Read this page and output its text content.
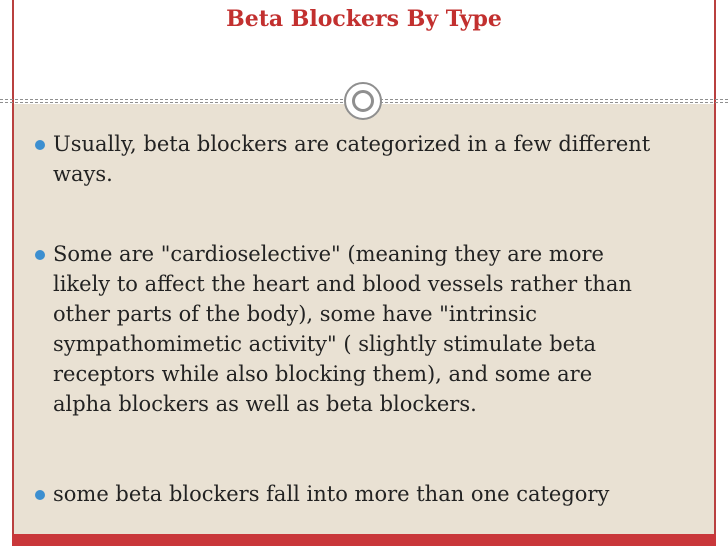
Beta Blockers By Type
Usually, beta blockers are categorized in a few different
ways.
Some are "cardioselective" (meaning they are more
likely to affect the heart and blood vessels rather than
other parts of the body), some have "intrinsic
sympathomimetic activity" ( slightly stimulate beta
receptors while also blocking them), and some are
alpha blockers as well as beta blockers.
some beta blockers fall into more than one category
